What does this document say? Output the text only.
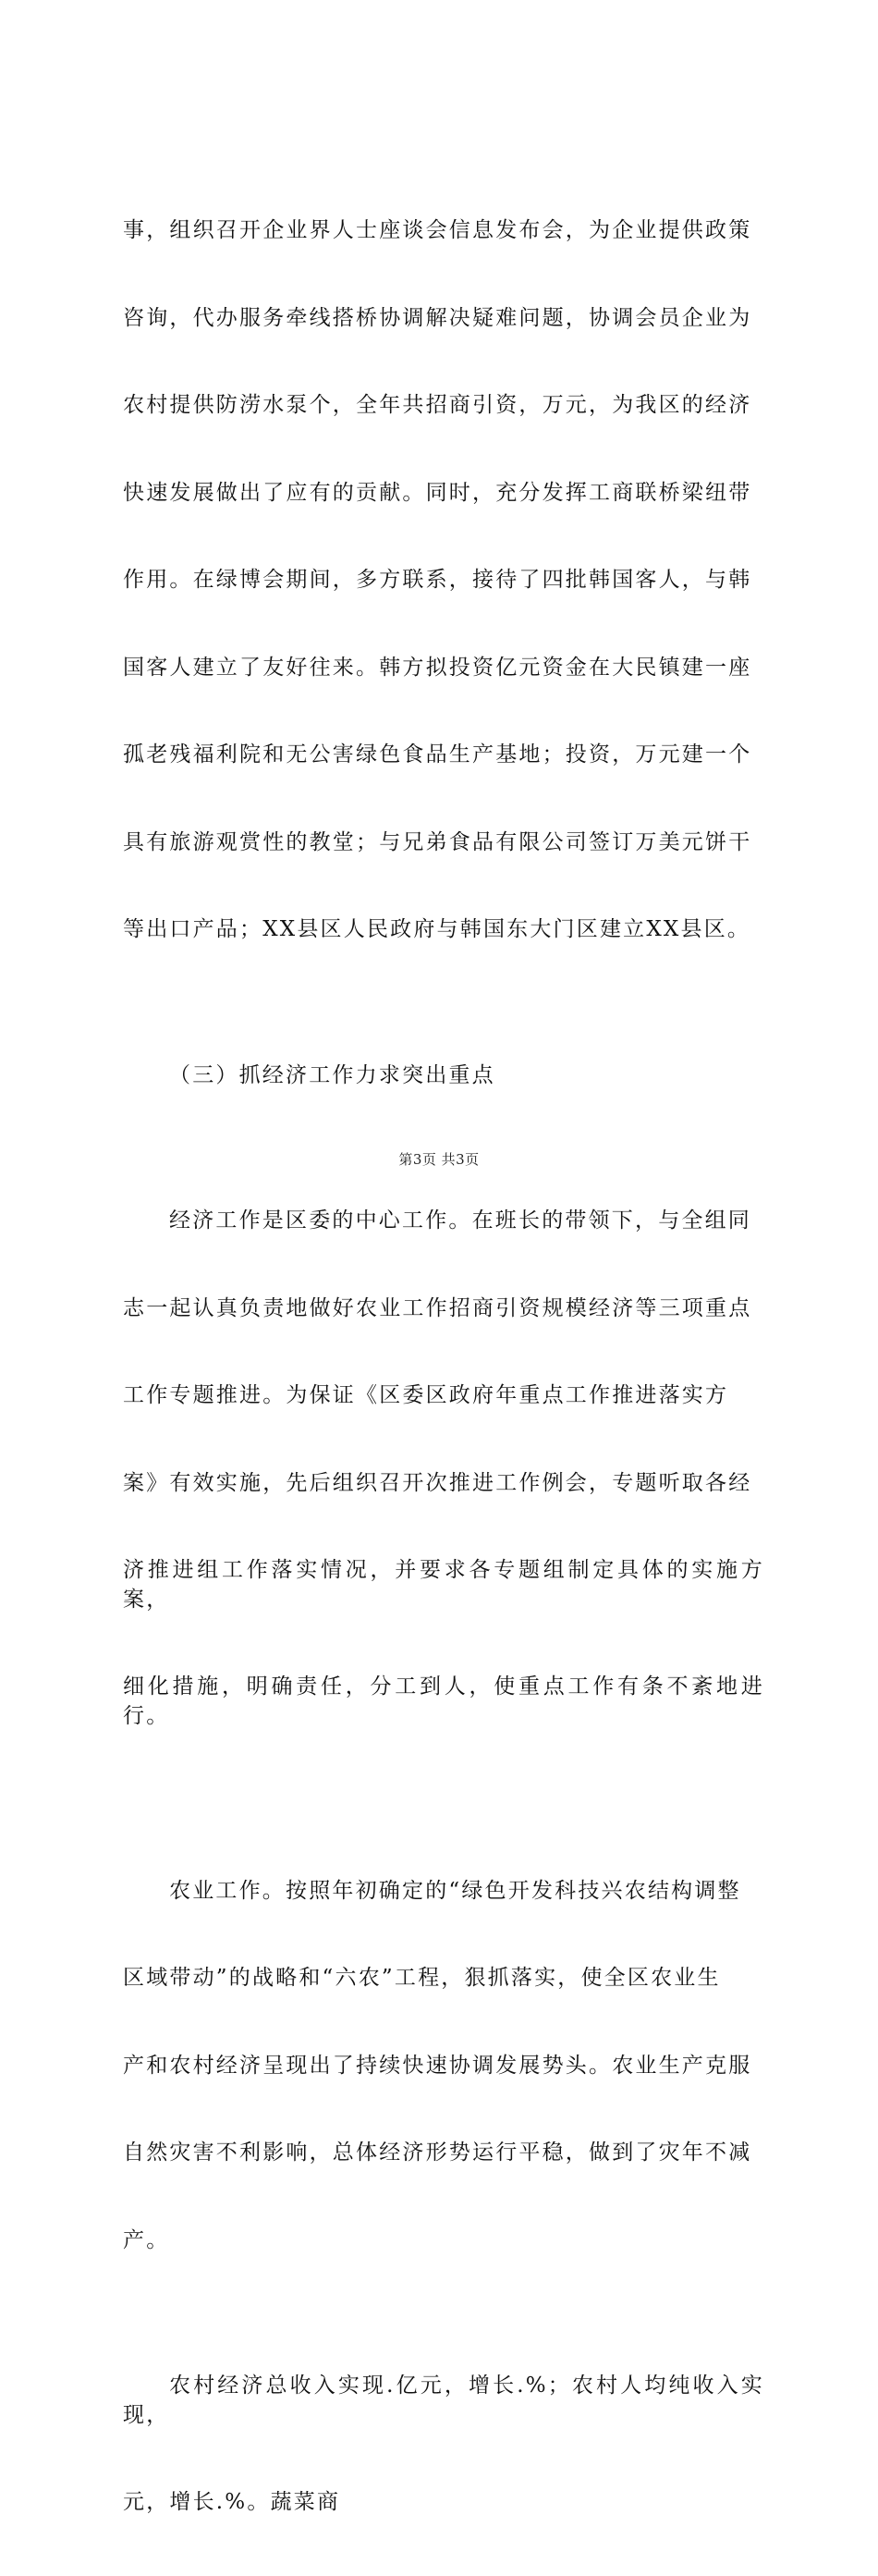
事，组织召开企业界人士座谈会信息发布会，为企业提供政策

咨询，代办服务牵线搭桥协调解决疑难问题，协调会员企业为

农村提供防涝水泵个，全年共招商引资，万元，为我区的经济

快速发展做出了应有的贡献。同时，充分发挥工商联桥梁纽带

作用。在绿博会期间，多方联系，接待了四批韩国客人，与韩

国客人建立了友好往来。韩方拟投资亿元资金在大民镇建一座

孤老残福利院和无公害绿色食品生产基地；投资，万元建一个

具有旅游观赏性的教堂；与兄弟食品有限公司签订万美元饼干

等出口产品；XX县区人民政府与韩国东大门区建立XX县区。

（三）抓经济工作力求突出重点

经济工作是区委的中心工作。在班长的带领下，与全组同

志一起认真负责地做好农业工作招商引资规模经济等三项重点

工作专题推进。为保证《区委区政府年重点工作推进落实方

案》有效实施，先后组织召开次推进工作例会，专题听取各经

济推进组工作落实情况，并要求各专题组制定具体的实施方案，

细化措施，明确责任，分工到人，使重点工作有条不紊地进行。

农业工作。按照年初确定的“绿色开发科技兴农结构调整

区域带动”的战略和“六农”工程，狠抓落实，使全区农业生

产和农村经济呈现出了持续快速协调发展势头。农业生产克服

自然灾害不利影响，总体经济形势运行平稳，做到了灾年不减

产。

农村经济总收入实现.亿元，增长.%；农村人均纯收入实现，

元，增长.%。蔬菜商

第3页 共3页
